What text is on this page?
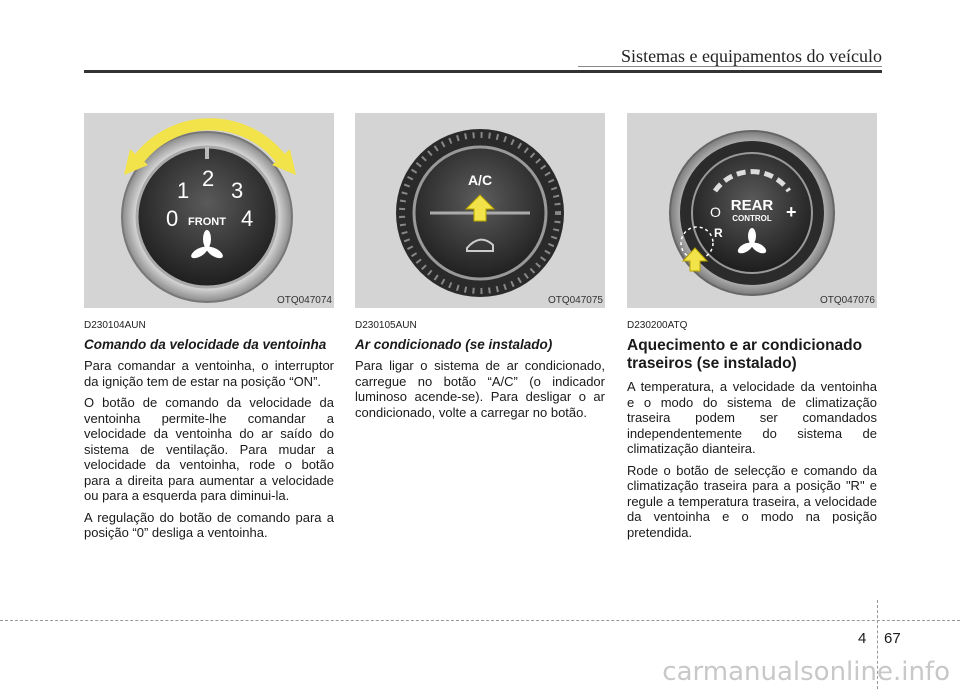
Sistemas e equipamentos do veículo
0
1 2 3
4
FRONT
OTQ047074
D230104AUN
Comando da velocidade da ventoinha
Para comandar a ventoinha, o interruptor da ignição tem de estar na posição “ON”.
O botão de comando da velocidade da ventoinha permite-lhe comandar a velocidade da ventoinha do ar saído do sistema de ventilação. Para mudar a velocidade da ventoinha, rode o botão para a direita para aumentar a velocidade ou para a esquerda para diminui-la.
A regulação do botão de comando para a posição “0” desliga a ventoinha.
A/C
OTQ047075
D230105AUN
Ar condicionado (se instalado)
Para ligar o sistema de ar condicionado, carregue no botão “A/C” (o indicador luminoso acende-se). Para desligar o ar condicionado, volte a carregar no botão.
REAR
CONTROL
O	+
R
OTQ047076
D230200ATQ
Aquecimento e ar condicionado traseiros (se instalado)
A temperatura, a velocidade da ventoinha e o modo do sistema de climatização traseira podem ser comandados independentemente do sistema de climatização dianteira.
Rode o botão de selecção e comando da climatização traseira para a posição "R" e regule a temperatura traseira, a velocidade da ventoinha e o modo na posição pretendida.
4 67
carmanualsonline.info
